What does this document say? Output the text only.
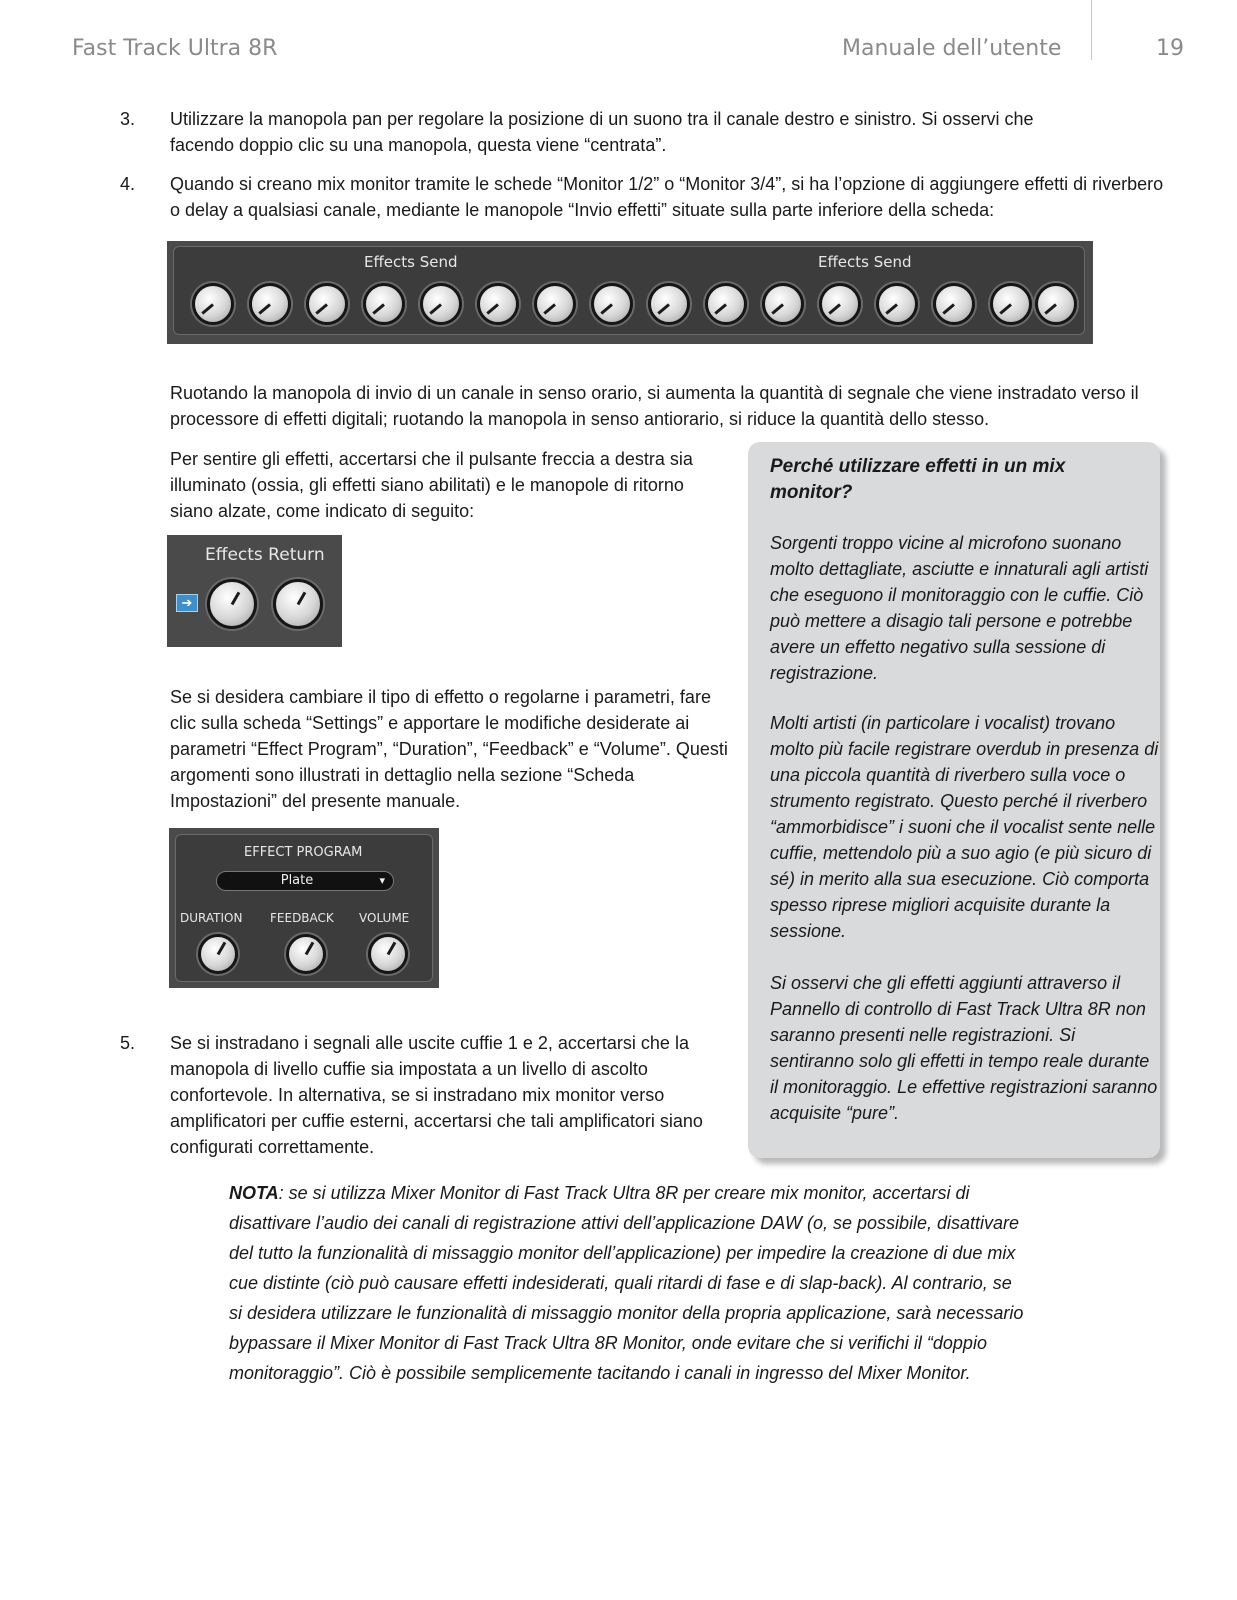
Fast Track Ultra 8R	Manuale dell’utente	19
3. Utilizzare la manopola pan per regolare la posizione di un suono tra il canale destro e sinistro. Si osservi che facendo doppio clic su una manopola, questa viene “centrata”.

4. Quando si creano mix monitor tramite le schede “Monitor 1/2” o “Monitor 3/4”, si ha l’opzione di aggiungere effetti di riverbero o delay a qualsiasi canale, mediante le manopole “Invio effetti” situate sulla parte inferiore della scheda:

Effects Send	Effects Send

Ruotando la manopola di invio di un canale in senso orario, si aumenta la quantità di segnale che viene instradato verso il processore di effetti digitali; ruotando la manopola in senso antiorario, si riduce la quantità dello stesso.

Per sentire gli effetti, accertarsi che il pulsante freccia a destra sia illuminato (ossia, gli effetti siano abilitati) e le manopole di ritorno siano alzate, come indicato di seguito:

Effects Return
➔

Se si desidera cambiare il tipo di effetto o regolarne i parametri, fare clic sulla scheda “Settings” e apportare le modifiche desiderate ai parametri “Effect Program”, “Duration”, “Feedback” e “Volume”. Questi argomenti sono illustrati in dettaglio nella sezione “Scheda Impostazioni” del presente manuale.

EFFECT PROGRAM
Plate	▾
DURATION FEEDBACK VOLUME
5. Se si instradano i segnali alle uscite cuffie 1 e 2, accertarsi che la manopola di livello cuffie sia impostata a un livello di ascolto confortevole. In alternativa, se si instradano mix monitor verso amplificatori per cuffie esterni, accertarsi che tali amplificatori siano configurati correttamente.

Perché utilizzare effetti in un mix monitor?

Sorgenti troppo vicine al microfono suonano molto dettagliate, asciutte e innaturali agli artisti che eseguono il monitoraggio con le cuffie. Ciò può mettere a disagio tali persone e potrebbe avere un effetto negativo sulla sessione di registrazione.

Molti artisti (in particolare i vocalist) trovano molto più facile registrare overdub in presenza di una piccola quantità di riverbero sulla voce o strumento registrato. Questo perché il riverbero “ammorbidisce” i suoni che il vocalist sente nelle cuffie, mettendolo più a suo agio (e più sicuro di sé) in merito alla sua esecuzione. Ciò comporta spesso riprese migliori acquisite durante la sessione.

Si osservi che gli effetti aggiunti attraverso il Pannello di controllo di Fast Track Ultra 8R non saranno presenti nelle registrazioni. Si sentiranno solo gli effetti in tempo reale durante il monitoraggio. Le effettive registrazioni saranno acquisite “pure”.

NOTA: se si utilizza Mixer Monitor di Fast Track Ultra 8R per creare mix monitor, accertarsi di disattivare l’audio dei canali di registrazione attivi dell’applicazione DAW (o, se possibile, disattivare del tutto la funzionalità di missaggio monitor dell’applicazione) per impedire la creazione di due mix cue distinte (ciò può causare effetti indesiderati, quali ritardi di fase e di slap-back). Al contrario, se si desidera utilizzare le funzionalità di missaggio monitor della propria applicazione, sarà necessario bypassare il Mixer Monitor di Fast Track Ultra 8R Monitor, onde evitare che si verifichi il “doppio monitoraggio”. Ciò è possibile semplicemente tacitando i canali in ingresso del Mixer Monitor.
